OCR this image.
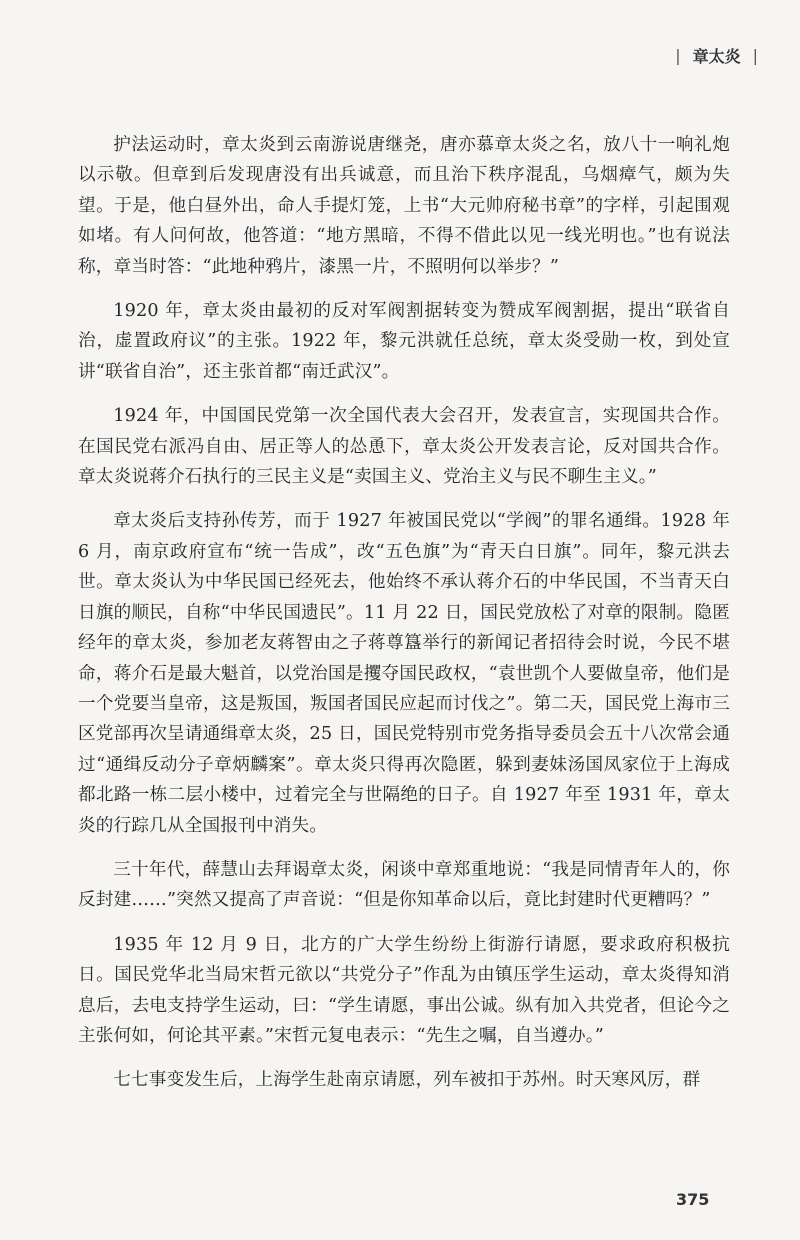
| 章太炎 |

护法运动时，章太炎到云南游说唐继尧，唐亦慕章太炎之名，放八十一响礼炮以示敬。但章到后发现唐没有出兵诚意，而且治下秩序混乱，乌烟瘴气，颇为失望。于是，他白昼外出，命人手提灯笼，上书“大元帅府秘书章”的字样，引起围观如堵。有人问何故，他答道：“地方黑暗，不得不借此以见一线光明也。”也有说法称，章当时答：“此地种鸦片，漆黑一片，不照明何以举步？”

1920 年，章太炎由最初的反对军阀割据转变为赞成军阀割据，提出“联省自治，虚置政府议”的主张。1922 年，黎元洪就任总统，章太炎受勋一枚，到处宣讲“联省自治”，还主张首都“南迁武汉”。

1924 年，中国国民党第一次全国代表大会召开，发表宣言，实现国共合作。在国民党右派冯自由、居正等人的怂恿下，章太炎公开发表言论，反对国共合作。章太炎说蒋介石执行的三民主义是“卖国主义、党治主义与民不聊生主义。”

章太炎后支持孙传芳，而于 1927 年被国民党以“学阀”的罪名通缉。1928 年 6 月，南京政府宣布“统一告成”，改“五色旗”为“青天白日旗”。同年，黎元洪去世。章太炎认为中华民国已经死去，他始终不承认蒋介石的中华民国，不当青天白日旗的顺民，自称“中华民国遗民”。11 月 22 日，国民党放松了对章的限制。隐匿经年的章太炎，参加老友蒋智由之子蒋尊簋举行的新闻记者招待会时说，今民不堪命，蒋介石是最大魁首，以党治国是攫夺国民政权，“袁世凯个人要做皇帝，他们是一个党要当皇帝，这是叛国，叛国者国民应起而讨伐之”。第二天，国民党上海市三区党部再次呈请通缉章太炎，25 日，国民党特别市党务指导委员会五十八次常会通过“通缉反动分子章炳麟案”。章太炎只得再次隐匿，躲到妻妹汤国凤家位于上海成都北路一栋二层小楼中，过着完全与世隔绝的日子。自 1927 年至 1931 年，章太炎的行踪几从全国报刊中消失。

三十年代，薛慧山去拜谒章太炎，闲谈中章郑重地说：“我是同情青年人的，你反封建……”突然又提高了声音说：“但是你知革命以后，竟比封建时代更糟吗？”

1935 年 12 月 9 日，北方的广大学生纷纷上街游行请愿，要求政府积极抗日。国民党华北当局宋哲元欲以“共党分子”作乱为由镇压学生运动，章太炎得知消息后，去电支持学生运动，曰：“学生请愿，事出公诚。纵有加入共党者，但论今之主张何如，何论其平素。”宋哲元复电表示：“先生之嘱，自当遵办。”

七七事变发生后，上海学生赴南京请愿，列车被扣于苏州。时天寒风厉，群

375
